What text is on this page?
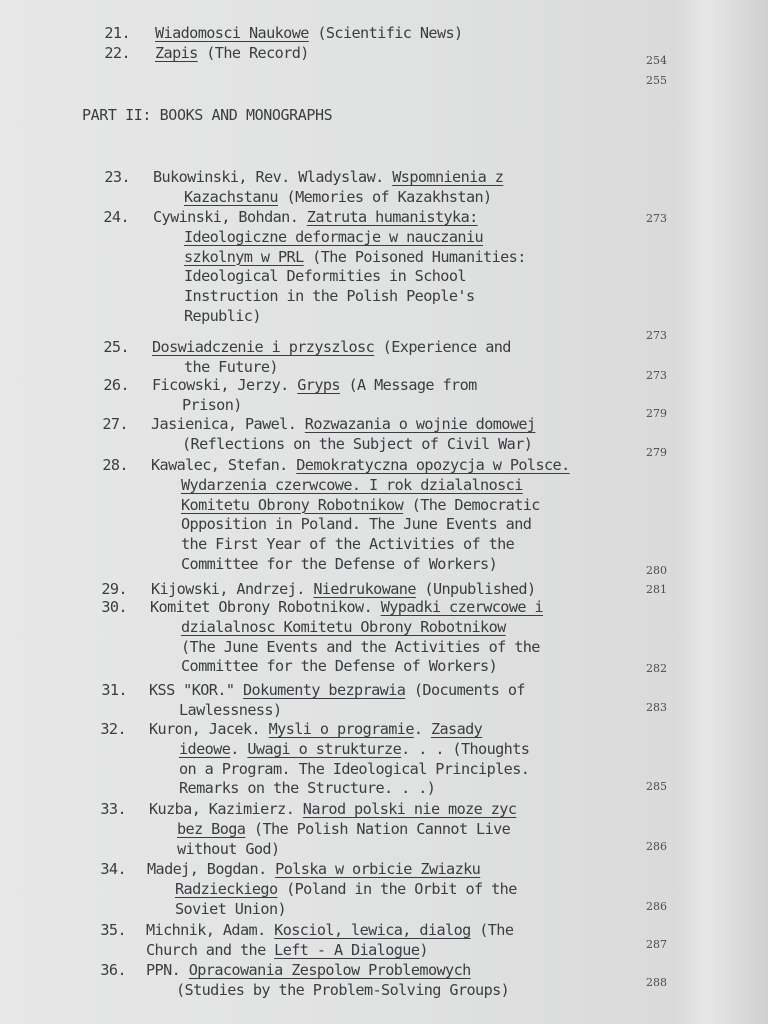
PART II: BOOKS AND MONOGRAPHS
21. Wiadomosci Naukowe (Scientific News)
22. Zapis (The Record)	254
255
23. Bukowinski, Rev. Wladyslaw. Wspomnienia z
Kazachstanu (Memories of Kazakhstan)
24. Cywinski, Bohdan. Zatruta humanistyka:
Ideologiczne deformacje w nauczaniu
szkolnym w PRL (The Poisoned Humanities:
Ideological Deformities in School
Instruction in the Polish People's
Republic)
273
25. Doswiadczenie i przyszlosc (Experience and
the Future)
273
26. Ficowski, Jerzy. Gryps (A Message from
Prison)
273
27. Jasienica, Pawel. Rozwazania o wojnie domowej
(Reflections on the Subject of Civil War)
279
28. Kawalec, Stefan. Demokratyczna opozycja w Polsce.
Wydarzenia czerwcowe. I rok dzialalnosci
Komitetu Obrony Robotnikow (The Democratic
Opposition in Poland. The June Events and
the First Year of the Activities of the
Committee for the Defense of Workers)
279
29. Kijowski, Andrzej. Niedrukowane (Unpublished)
280
30. Komitet Obrony Robotnikow. Wypadki czerwcowe i
dzialalnosc Komitetu Obrony Robotnikow
(The June Events and the Activities of the
Committee for the Defense of Workers)
281
31. KSS "KOR." Dokumenty bezprawia (Documents of
Lawlessness)
282
32. Kuron, Jacek. Mysli o programie. Zasady
ideowe. Uwagi o strukturze. . . (Thoughts
on a Program. The Ideological Principles.
Remarks on the Structure. . .)
283
33. Kuzba, Kazimierz. Narod polski nie moze zyc
bez Boga (The Polish Nation Cannot Live
without God)
285
34. Madej, Bogdan. Polska w orbicie Zwiazku
Radzieckiego (Poland in the Orbit of the
Soviet Union)
286
35. Michnik, Adam. Kosciol, lewica, dialog (The
Church and the Left - A Dialogue)
286
36. PPN. Opracowania Zespolow Problemowych
(Studies by the Problem-Solving Groups)
287
288
